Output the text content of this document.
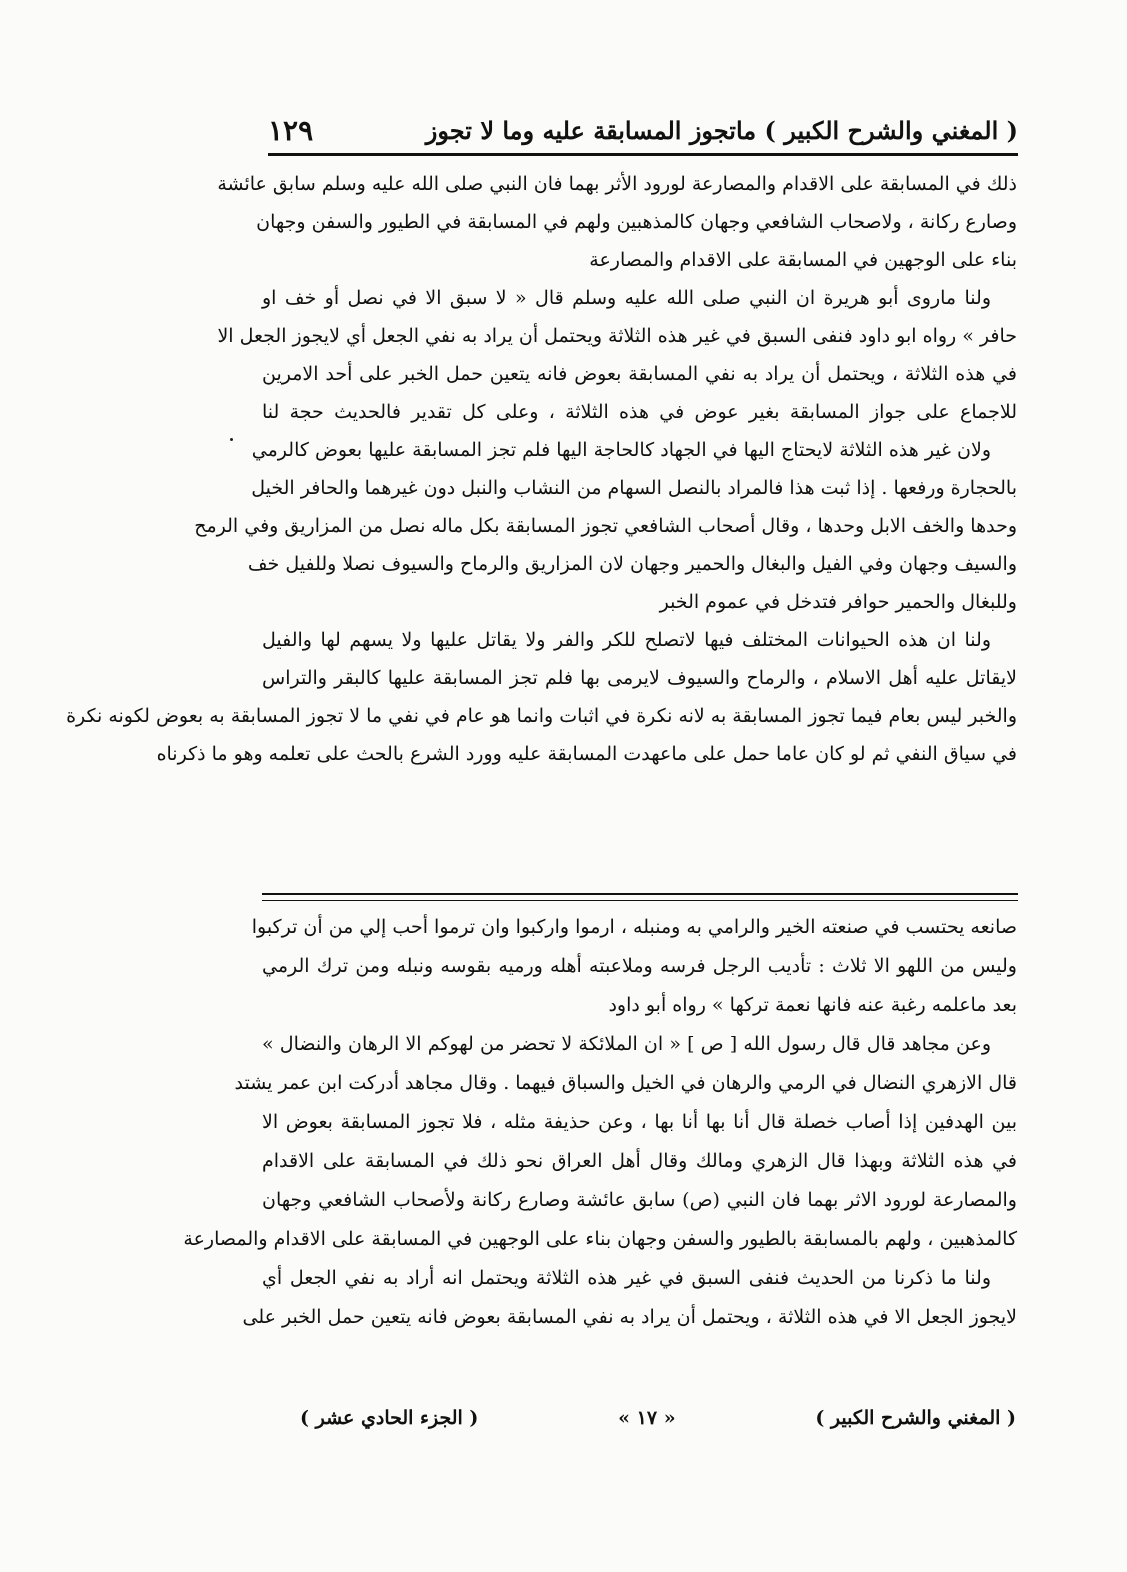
( المغني والشرح الكبير ) ماتجوز المسابقة عليه وما لا تجوز
١٢٩
ذلك في المسابقة على الاقدام والمصارعة لورود الأثر بهما فان النبي صلى الله عليه وسلم سابق عائشة
وصارع ركانة ، ولاصحاب الشافعي وجهان كالمذهبين ولهم في المسابقة في الطيور والسفن وجهان
بناء على الوجهين في المسابقة على الاقدام والمصارعة
ولنا ماروى أبو هريرة ان النبي صلى الله عليه وسلم قال « لا سبق الا في نصل أو خف او
حافر » رواه ابو داود فنفى السبق في غير هذه الثلاثة ويحتمل أن يراد به نفي الجعل أي لايجوز الجعل الا
في هذه الثلاثة ، ويحتمل أن يراد به نفي المسابقة بعوض فانه يتعين حمل الخبر على أحد الامرين
للاجماع على جواز المسابقة بغير عوض في هذه الثلاثة ، وعلى كل تقدير فالحديث حجة لنا
ولان غير هذه الثلاثة لايحتاج اليها في الجهاد كالحاجة اليها فلم تجز المسابقة عليها بعوض كالرمي
بالحجارة ورفعها . إذا ثبت هذا فالمراد بالنصل السهام من النشاب والنبل دون غيرهما والحافر الخيل
وحدها والخف الابل وحدها ، وقال أصحاب الشافعي تجوز المسابقة بكل ماله نصل من المزاريق وفي الرمح
والسيف وجهان وفي الفيل والبغال والحمير وجهان لان المزاريق والرماح والسيوف نصلا وللفيل خف
وللبغال والحمير حوافر فتدخل في عموم الخبر
ولنا ان هذه الحيوانات المختلف فيها لاتصلح للكر والفر ولا يقاتل عليها ولا يسهم لها والفيل
لايقاتل عليه أهل الاسلام ، والرماح والسيوف لايرمى بها فلم تجز المسابقة عليها كالبقر والتراس
والخبر ليس بعام فيما تجوز المسابقة به لانه نكرة في اثبات وانما هو عام في نفي ما لا تجوز المسابقة به بعوض لكونه نكرة
في سياق النفي ثم لو كان عاما حمل على ماعهدت المسابقة عليه وورد الشرع بالحث على تعلمه وهو ما ذكرناه
صانعه يحتسب في صنعته الخير والرامي به ومنبله ، ارموا واركبوا وان ترموا أحب إلي من أن تركبوا
وليس من اللهو الا ثلاث : تأديب الرجل فرسه وملاعبته أهله ورميه بقوسه ونبله ومن ترك الرمي
بعد ماعلمه رغبة عنه فانها نعمة تركها » رواه أبو داود
وعن مجاهد قال قال رسول الله [ ص ] « ان الملائكة لا تحضر من لهوكم الا الرهان والنضال »
قال الازهري النضال في الرمي والرهان في الخيل والسباق فيهما . وقال مجاهد أدركت ابن عمر يشتد
بين الهدفين إذا أصاب خصلة قال أنا بها أنا بها ، وعن حذيفة مثله ، فلا تجوز المسابقة بعوض الا
في هذه الثلاثة وبهذا قال الزهري ومالك وقال أهل العراق نحو ذلك في المسابقة على الاقدام
والمصارعة لورود الاثر بهما فان النبي (ص) سابق عائشة وصارع ركانة ولأصحاب الشافعي وجهان
كالمذهبين ، ولهم بالمسابقة بالطيور والسفن وجهان بناء على الوجهين في المسابقة على الاقدام والمصارعة
ولنا ما ذكرنا من الحديث فنفى السبق في غير هذه الثلاثة ويحتمل انه أراد به نفي الجعل أي
لايجوز الجعل الا في هذه الثلاثة ، ويحتمل أن يراد به نفي المسابقة بعوض فانه يتعين حمل الخبر على
( المغني والشرح الكبير )
« ١٧ »
( الجزء الحادي عشر )
